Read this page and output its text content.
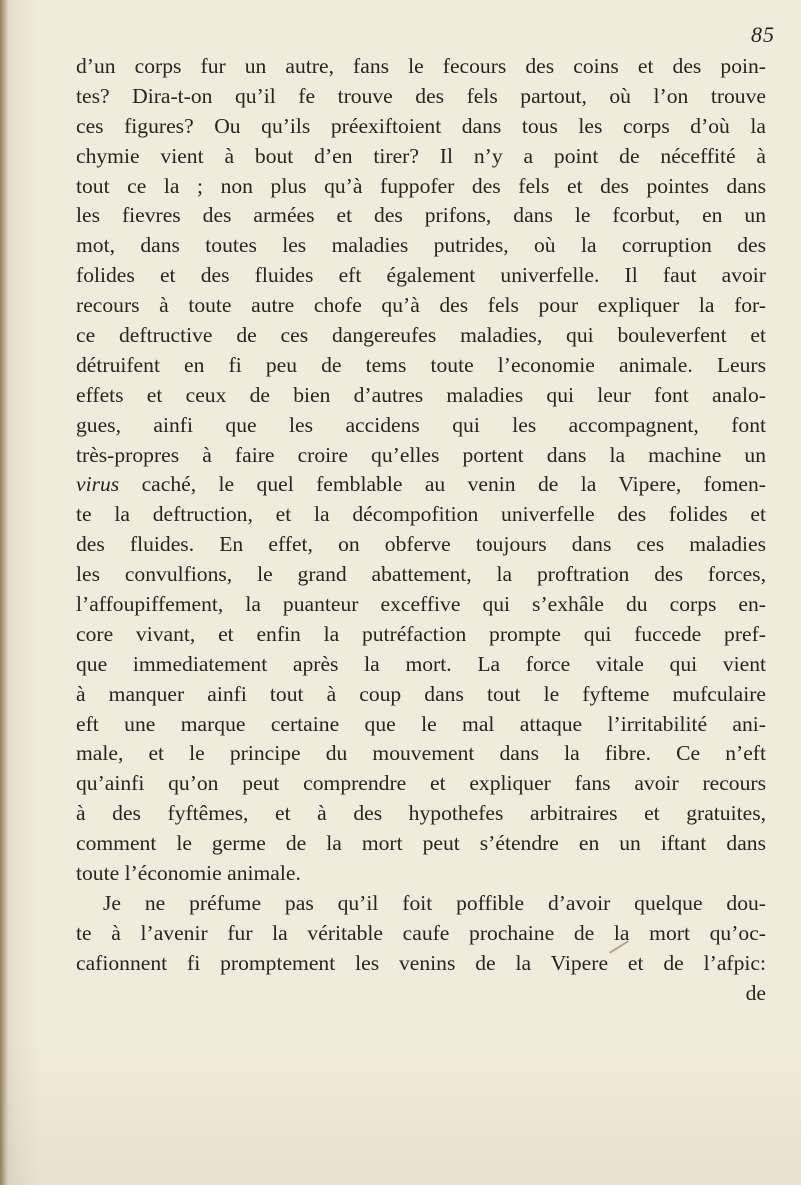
85
d’un corps fur un autre, fans le fecours des coins et des poin-
tes? Dira-t-on qu’il fe trouve des fels partout, où l’on trouve
ces figures? Ou qu’ils préexiftoient dans tous les corps d’où la
chymie vient à bout d’en tirer? Il n’y a point de néceffité à
tout ce la ; non plus qu’à fuppofer des fels et des pointes dans
les fievres des armées et des prifons, dans le fcorbut, en un
mot, dans toutes les maladies putrides, où la corruption des
folides et des fluides eft également univerfelle. Il faut avoir
recours à toute autre chofe qu’à des fels pour expliquer la for-
ce deftructive de ces dangereufes maladies, qui bouleverfent et
détruifent en fi peu de tems toute l’economie animale. Leurs
effets et ceux de bien d’autres maladies qui leur font analo-
gues, ainfi que les accidens qui les accompagnent, font
très-propres à faire croire qu’elles portent dans la machine un
virus caché, le quel femblable au venin de la Vipere, fomen-
te la deftruction, et la décompofition univerfelle des folides et
des fluides. En effet, on obferve toujours dans ces maladies
les convulfions, le grand abattement, la proftration des forces,
l’affoupiffement, la puanteur exceffive qui s’exhâle du corps en-
core vivant, et enfin la putréfaction prompte qui fuccede pref-
que immediatement après la mort. La force vitale qui vient
à manquer ainfi tout à coup dans tout le fyfteme mufculaire
eft une marque certaine que le mal attaque l’irritabilité ani-
male, et le principe du mouvement dans la fibre. Ce n’eft
qu’ainfi qu’on peut comprendre et expliquer fans avoir recours
à des fyftêmes, et à des hypothefes arbitraires et gratuites,
comment le germe de la mort peut s’étendre en un iftant dans
toute l’économie animale.
Je ne préfume pas qu’il foit poffible d’avoir quelque dou-
te à l’avenir fur la véritable caufe prochaine de la mort qu’oc-
cafionnent fi promptement les venins de la Vipere et de l’afpic:
de
